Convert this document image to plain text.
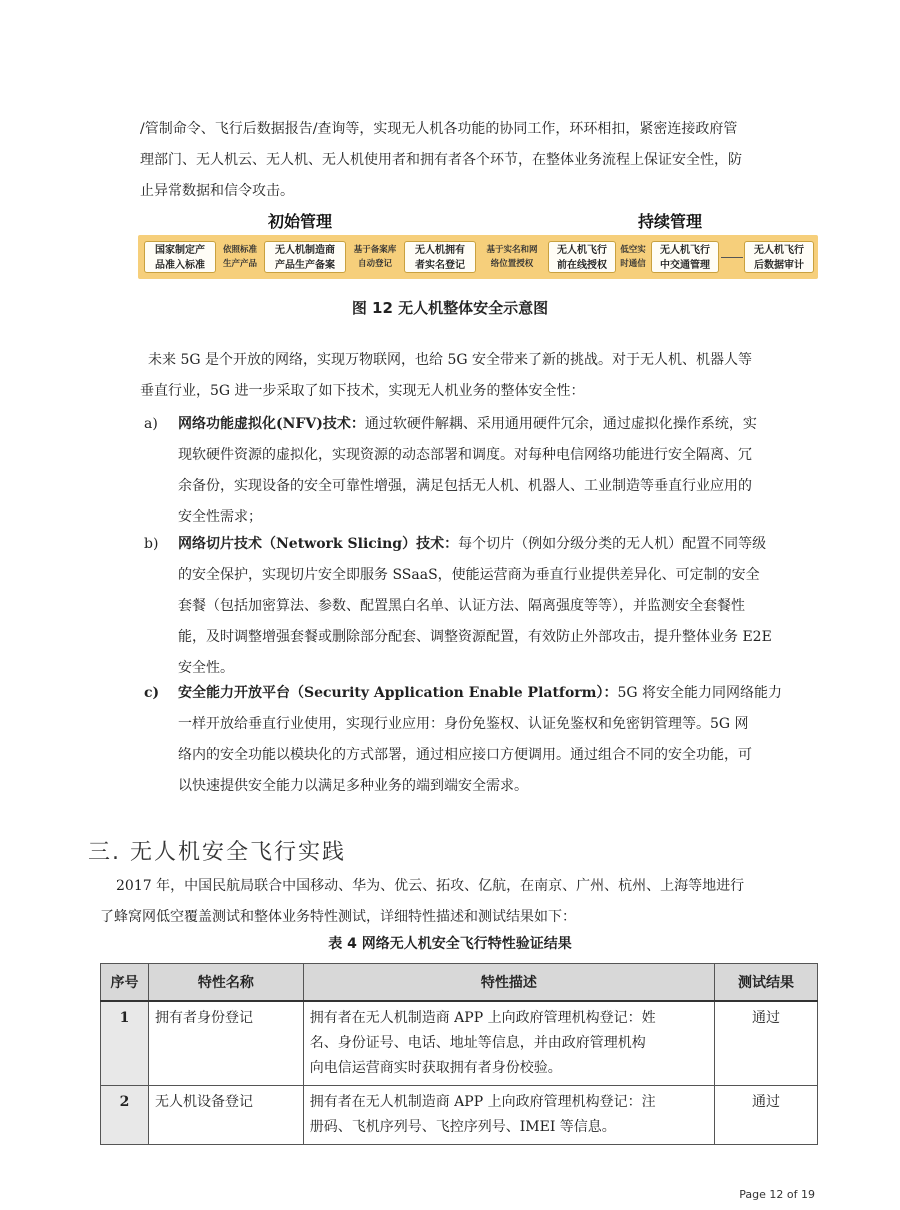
/管制命令、飞行后数据报告/查询等，实现无人机各功能的协同工作，环环相扣，紧密连接政府管
理部门、无人机云、无人机、无人机使用者和拥有者各个环节，在整体业务流程上保证安全性，防
止异常数据和信令攻击。
初始管理	持续管理
国家制定产
品准入标准
依照标准
生产产品
无人机制造商
产品生产备案
基于备案库
自动登记
无人机拥有
者实名登记
基于实名和网
络位置授权
无人机飞行
前在线授权
低空实
时通信
无人机飞行
中交通管理
无人机飞行
后数据审计
图 12 无人机整体安全示意图
未来 5G 是个开放的网络，实现万物联网，也给 5G 安全带来了新的挑战。对于无人机、机器人等
垂直行业，5G 进一步采取了如下技术，实现无人机业务的整体安全性：
a) 网络功能虚拟化(NFV)技术：通过软硬件解耦、采用通用硬件冗余，通过虚拟化操作系统，实
现软硬件资源的虚拟化，实现资源的动态部署和调度。对每种电信网络功能进行安全隔离、冗
余备份，实现设备的安全可靠性增强，满足包括无人机、机器人、工业制造等垂直行业应用的
安全性需求；
b) 网络切片技术（Network Slicing）技术：每个切片（例如分级分类的无人机）配置不同等级
的安全保护，实现切片安全即服务 SSaaS，使能运营商为垂直行业提供差异化、可定制的安全
套餐（包括加密算法、参数、配置黑白名单、认证方法、隔离强度等等），并监测安全套餐性
能，及时调整增强套餐或删除部分配套、调整资源配置，有效防止外部攻击，提升整体业务 E2E
安全性。
c) 安全能力开放平台（Security Application Enable Platform）：5G 将安全能力同网络能力
一样开放给垂直行业使用，实现行业应用：身份免鉴权、认证免鉴权和免密钥管理等。5G 网
络内的安全功能以模块化的方式部署，通过相应接口方便调用。通过组合不同的安全功能，可
以快速提供安全能力以满足多种业务的端到端安全需求。
三. 无人机安全飞行实践
2017 年，中国民航局联合中国移动、华为、优云、拓攻、亿航，在南京、广州、杭州、上海等地进行
了蜂窝网低空覆盖测试和整体业务特性测试，详细特性描述和测试结果如下：
表 4 网络无人机安全飞行特性验证结果
序号	特性名称	特性描述	测试结果
1	拥有者身份登记	拥有者在无人机制造商 APP 上向政府管理机构登记：姓
名、身份证号、电话、地址等信息，并由政府管理机构
向电信运营商实时获取拥有者身份校验。	通过
2	无人机设备登记	拥有者在无人机制造商 APP 上向政府管理机构登记：注
册码、飞机序列号、飞控序列号、IMEI 等信息。	通过
Page 12 of 19
